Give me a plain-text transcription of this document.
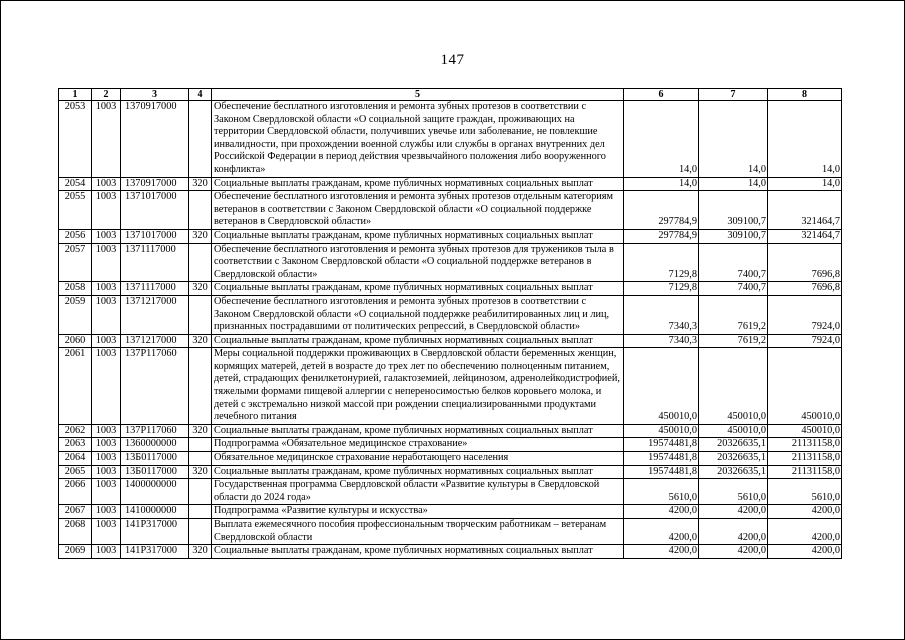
147
1	2	3	4	5	6	7	8
2053	1003	1370917000		Обеспечение бесплатного изготовления и ремонта зубных протезов в соответствии с Законом Свердловской области «О социальной защите граждан, проживающих на территории Свердловской области, получивших увечье или заболевание, не повлекшие инвалидности, при прохождении военной службы или службы в органах внутренних дел Российской Федерации в период действия чрезвычайного положения либо вооруженного конфликта»	14,0	14,0	14,0
2054	1003	1370917000	320	Социальные выплаты гражданам, кроме публичных нормативных социальных выплат	14,0	14,0	14,0
2055	1003	1371017000		Обеспечение бесплатного изготовления и ремонта зубных протезов отдельным категориям ветеранов в соответствии с Законом Свердловской области «О социальной поддержке ветеранов в Свердловской области»	297784,9	309100,7	321464,7
2056	1003	1371017000	320	Социальные выплаты гражданам, кроме публичных нормативных социальных выплат	297784,9	309100,7	321464,7
2057	1003	1371117000		Обеспечение бесплатного изготовления и ремонта зубных протезов для тружеников тыла в соответствии с Законом Свердловской области «О социальной поддержке ветеранов в Свердловской области»	7129,8	7400,7	7696,8
2058	1003	1371117000	320	Социальные выплаты гражданам, кроме публичных нормативных социальных выплат	7129,8	7400,7	7696,8
2059	1003	1371217000		Обеспечение бесплатного изготовления и ремонта зубных протезов в соответствии с Законом Свердловской области «О социальной поддержке реабилитированных лиц и лиц, признанных пострадавшими от политических репрессий, в Свердловской области»	7340,3	7619,2	7924,0
2060	1003	1371217000	320	Социальные выплаты гражданам, кроме публичных нормативных социальных выплат	7340,3	7619,2	7924,0
2061	1003	137P117060		Меры социальной поддержки проживающих в Свердловской области беременных женщин, кормящих матерей, детей в возрасте до трех лет по обеспечению полноценным питанием, детей, страдающих фенилкетонурией, галактоземией, лейцинозом, адренолейкодистрофией, тяжелыми формами пищевой аллергии с непереносимостью белков коровьего молока, и детей с экстремально низкой массой при рождении специализированными продуктами лечебного питания	450010,0	450010,0	450010,0
2062	1003	137P117060	320	Социальные выплаты гражданам, кроме публичных нормативных социальных выплат	450010,0	450010,0	450010,0
2063	1003	1360000000		Подпрограмма «Обязательное медицинское страхование»	19574481,8	20326635,1	21131158,0
2064	1003	13Б0117000		Обязательное медицинское страхование неработающего населения	19574481,8	20326635,1	21131158,0
2065	1003	13Б0117000	320	Социальные выплаты гражданам, кроме публичных нормативных социальных выплат	19574481,8	20326635,1	21131158,0
2066	1003	1400000000		Государственная программа Свердловской области «Развитие культуры в Свердловской области до 2024 года»	5610,0	5610,0	5610,0
2067	1003	1410000000		Подпрограмма «Развитие культуры и искусства»	4200,0	4200,0	4200,0
2068	1003	141P317000		Выплата ежемесячного пособия профессиональным творческим работникам – ветеранам Свердловской области	4200,0	4200,0	4200,0
2069	1003	141P317000	320	Социальные выплаты гражданам, кроме публичных нормативных социальных выплат	4200,0	4200,0	4200,0
